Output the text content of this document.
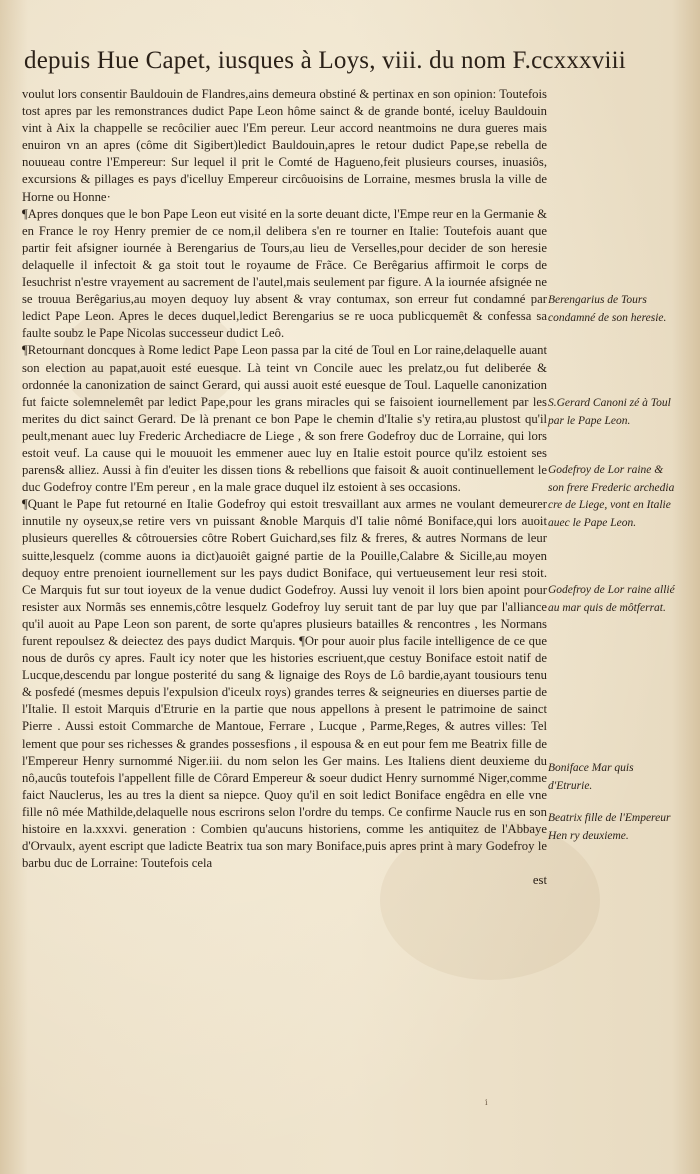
depuis Hue Capet, iusques à Loys, viii. du nom F.ccxxxviii

voulut lors consentir Bauldouin de Flandres,ains demeura obstiné & pertinax en son opinion: Toutefois tost apres par les remonstrances dudict Pape Leon hôme sainct & de grande bonté, iceluy Bauldouin vint à Aix la chappelle se recôcilier auec l'Em pereur. Leur accord neantmoins ne dura gueres mais enuiron vn an apres (côme dit Sigibert)ledict Bauldouin,apres le retour dudict Pape,se rebella de nouueau contre l'Empereur: Sur lequel il prit le Comté de Hagueno,feit plusieurs courses, inuasiôs, excursions & pillages es pays d'icelluy Empereur circôuoisins de Lorraine, mesmes brusla la ville de Horne ou Honne·

¶Apres donques que le bon Pape Leon eut visité en la sorte deuant dicte, l'Empe reur en la Germanie & en France le roy Henry premier de ce nom,il delibera s'en re tourner en Italie: Toutefois auant que partir feit afsigner iournée à Berengarius de Tours,au lieu de Verselles,pour decider de son heresie delaquelle il infectoit & ga stoit tout le royaume de Frãce. Ce Berêgarius affirmoit le corps de Iesuchrist n'estre vrayement au sacrement de l'autel,mais seulement par figure. A la iournée afsignée ne se trouua Berêgarius,au moyen dequoy luy absent & vray contumax, son erreur fut condamné par ledict Pape Leon. Apres le deces duquel,ledict Berengarius se re uoca publicquemêt & confessa sa faulte soubz le Pape Nicolas successeur dudict Leô.

¶Retournant doncques à Rome ledict Pape Leon passa par la cité de Toul en Lor raine,delaquelle auant son election au papat,auoit esté euesque. Là teint vn Concile auec les prelatz,ou fut deliberée & ordonnée la canonization de sainct Gerard, qui aussi auoit esté euesque de Toul. Laquelle canonization fut faicte solemnelemêt par ledict Pape,pour les grans miracles qui se faisoient iournellement par les merites du dict sainct Gerard. De là prenant ce bon Pape le chemin d'Italie s'y retira,au plustost qu'il peult,menant auec luy Frederic Archediacre de Liege , & son frere Godefroy duc de Lorraine, qui lors estoit veuf. La cause qui le mouuoit les emmener auec luy en Italie estoit pource qu'ilz estoient ses parens& alliez. Aussi à fin d'euiter les dissen tions & rebellions que faisoit & auoit continuellement le duc Godefroy contre l'Em pereur , en la male grace duquel ilz estoient à ses occasions.

¶Quant le Pape fut retourné en Italie Godefroy qui estoit tresvaillant aux armes ne voulant demeurer innutile ny oyseux,se retire vers vn puissant &noble Marquis d'I talie nômé Boniface,qui lors auoit plusieurs querelles & côtrouersies côtre Robert Guichard,ses filz & freres, & autres Normans de leur suitte,lesquelz (comme auons ia dict)auoiêt gaigné partie de la Pouille,Calabre & Sicille,au moyen dequoy entre prenoient iournellement sur les pays dudict Boniface, qui vertueusement leur resi stoit. Ce Marquis fut sur tout ioyeux de la venue dudict Godefroy. Aussi luy venoit il lors bien apoint pour resister aux Normãs ses ennemis,côtre lesquelz Godefroy luy seruit tant de par luy que par l'alliance qu'il auoit au Pape Leon son parent, de sorte qu'apres plusieurs batailles & rencontres , les Normans furent repoulsez & deiectez des pays dudict Marquis. ¶Or pour auoir plus facile intelligence de ce que nous de durôs cy apres. Fault icy noter que les histories escriuent,que cestuy Boniface estoit natif de Lucque,descendu par longue posterité du sang & lignaige des Roys de Lô bardie,ayant tousiours tenu & posfedé (mesmes depuis l'expulsion d'iceulx roys) grandes terres & seigneuries en diuerses partie de l'Italie. Il estoit Marquis d'Etrurie en la partie que nous appellons à present le patrimoine de sainct Pierre . Aussi estoit Commarche de Mantoue, Ferrare , Lucque , Parme,Reges, & autres villes: Tel lement que pour ses richesses & grandes possesfions , il espousa & en eut pour fem me Beatrix fille de l'Empereur Henry surnommé Niger.iii. du nom selon les Ger mains. Les Italiens dient deuxieme du nô,aucûs toutefois l'appellent fille de Côrard Empereur & soeur dudict Henry surnommé Niger,comme faict Nauclerus, les au tres la dient sa niepce. Quoy qu'il en soit ledict Boniface engêdra en elle vne fille nô mée Mathilde,delaquelle nous escrirons selon l'ordre du temps. Ce confirme Naucle rus en son histoire en la.xxxvi. generation : Combien qu'aucuns historiens, comme les antiquitez de l'Abbaye d'Orvaulx, ayent escript que ladicte Beatrix tua son mary Boniface,puis apres print à mary Godefroy le barbu duc de Lorraine: Toutefois cela

est
Berengarius de Tours condamné de son heresie.
S.Gerard Canoni zé à Toul par le Pape Leon.
Godefroy de Lor raine & son frere Frederic archedia cre de Liege, vont en Italie auec le Pape Leon.
Godefroy de Lor raine allié au mar quis de môtferrat.
Boniface Mar quis d'Etrurie.
Beatrix fille de l'Empereur Hen ry deuxieme.
i
